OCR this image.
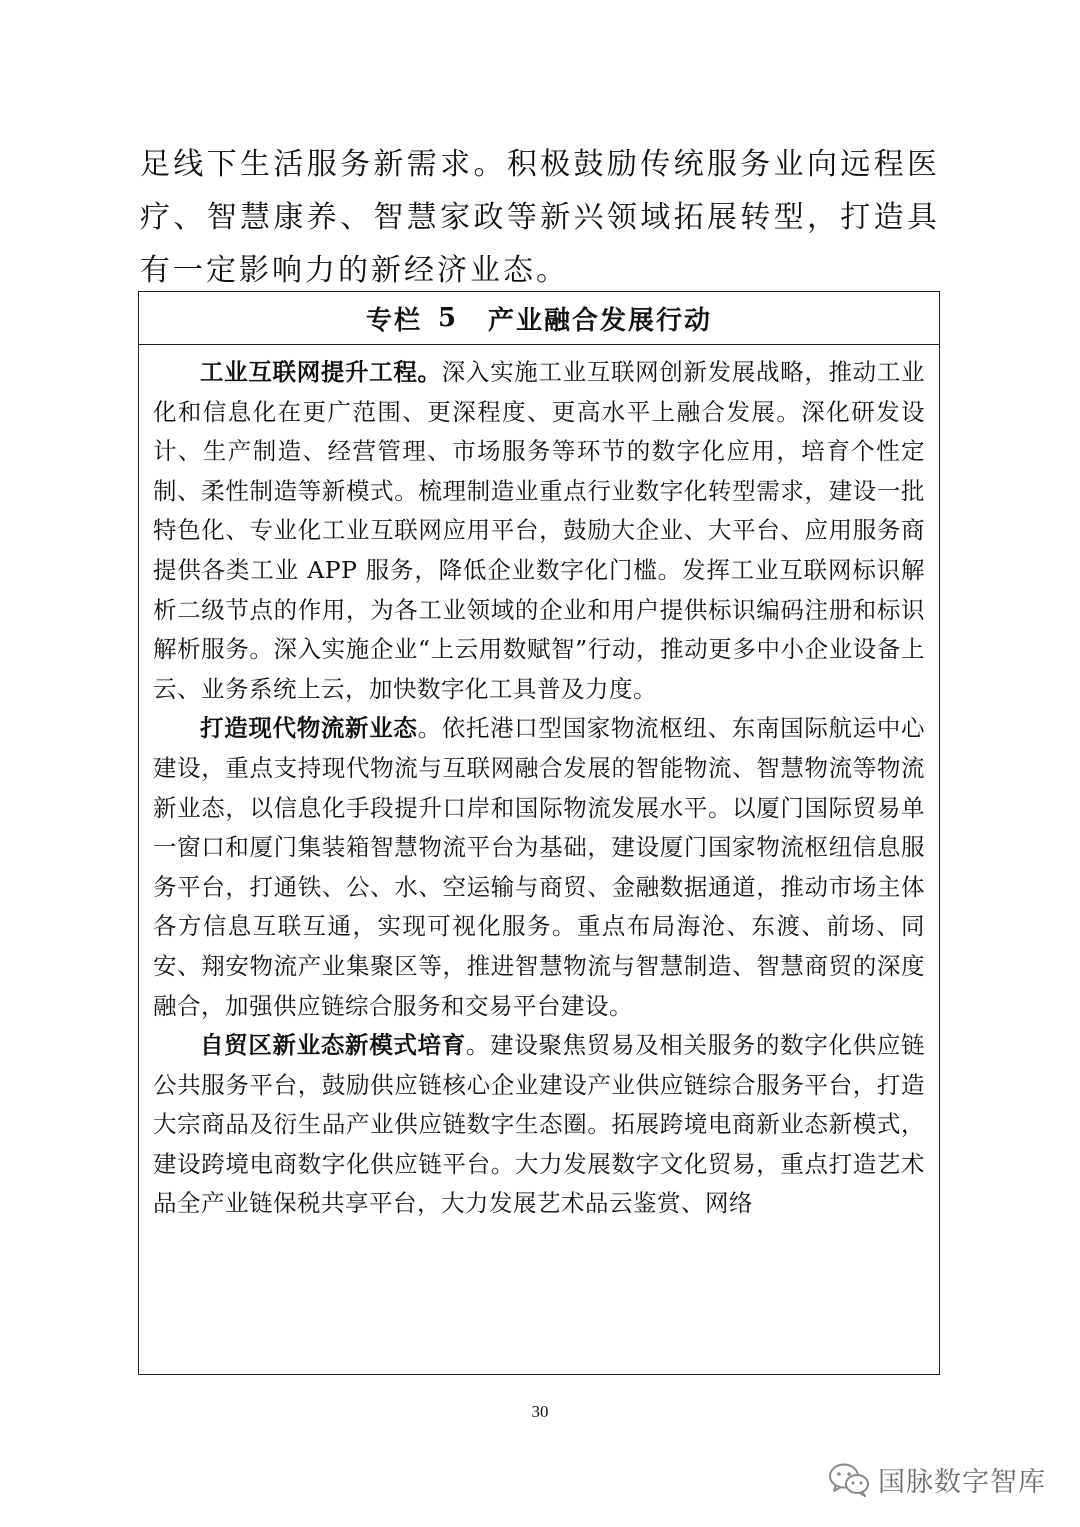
足线下生活服务新需求。积极鼓励传统服务业向远程医疗、智慧康养、智慧家政等新兴领域拓展转型，打造具有一定影响力的新经济业态。

专栏 5 产业融合发展行动

工业互联网提升工程。深入实施工业互联网创新发展战略，推动工业化和信息化在更广范围、更深程度、更高水平上融合发展。深化研发设计、生产制造、经营管理、市场服务等环节的数字化应用，培育个性定制、柔性制造等新模式。梳理制造业重点行业数字化转型需求，建设一批特色化、专业化工业互联网应用平台，鼓励大企业、大平台、应用服务商提供各类工业 APP 服务，降低企业数字化门槛。发挥工业互联网标识解析二级节点的作用，为各工业领域的企业和用户提供标识编码注册和标识解析服务。深入实施企业“上云用数赋智”行动，推动更多中小企业设备上云、业务系统上云，加快数字化工具普及力度。

打造现代物流新业态。依托港口型国家物流枢纽、东南国际航运中心建设，重点支持现代物流与互联网融合发展的智能物流、智慧物流等物流新业态，以信息化手段提升口岸和国际物流发展水平。以厦门国际贸易单一窗口和厦门集装箱智慧物流平台为基础，建设厦门国家物流枢纽信息服务平台，打通铁、公、水、空运输与商贸、金融数据通道，推动市场主体各方信息互联互通，实现可视化服务。重点布局海沧、东渡、前场、同安、翔安物流产业集聚区等，推进智慧物流与智慧制造、智慧商贸的深度融合，加强供应链综合服务和交易平台建设。

自贸区新业态新模式培育。建设聚焦贸易及相关服务的数字化供应链公共服务平台，鼓励供应链核心企业建设产业供应链综合服务平台，打造大宗商品及衍生品产业供应链数字生态圈。拓展跨境电商新业态新模式，建设跨境电商数字化供应链平台。大力发展数字文化贸易，重点打造艺术品全产业链保税共享平台，大力发展艺术品云鉴赏、网络

30
国脉数字智库
